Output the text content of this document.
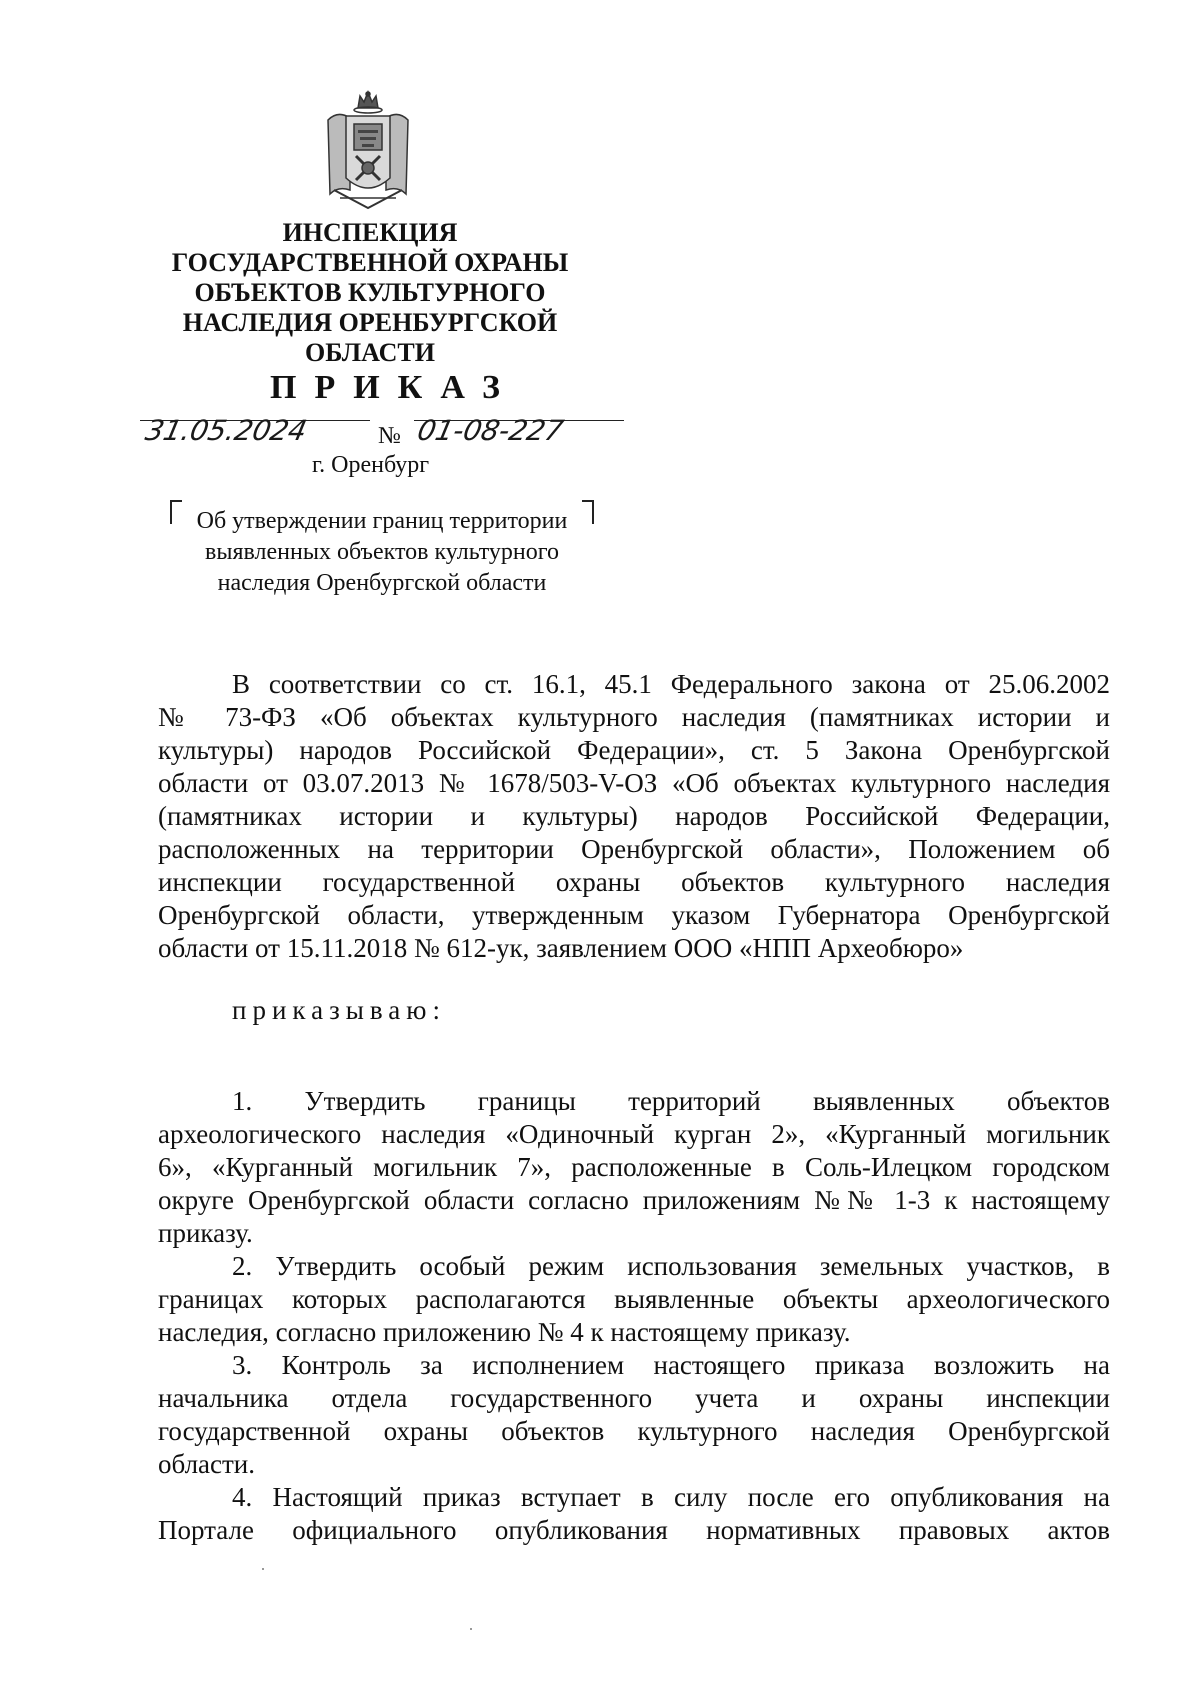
ИНСПЕКЦИЯ
ГОСУДАРСТВЕННОЙ ОХРАНЫ
ОБЪЕКТОВ КУЛЬТУРНОГО
НАСЛЕДИЯ ОРЕНБУРГСКОЙ
ОБЛАСТИ
ПРИКАЗ
31.05.2024	№ 01-08-227
г. Оренбург
Об утверждении границ территории
выявленных объектов культурного
наследия Оренбургской области
В соответствии со ст. 16.1, 45.1 Федерального закона от 25.06.2002
№ 73-ФЗ «Об объектах культурного наследия (памятниках истории и
культуры) народов Российской Федерации», ст. 5 Закона Оренбургской
области от 03.07.2013 № 1678/503-V-ОЗ «Об объектах культурного наследия
(памятниках истории и культуры) народов Российской Федерации,
расположенных на территории Оренбургской области», Положением об
инспекции государственной охраны объектов культурного наследия
Оренбургской области, утвержденным указом Губернатора Оренбургской
области от 15.11.2018 № 612-ук, заявлением ООО «НПП Археобюро»
приказываю:
1. Утвердить границы территорий выявленных объектов
археологического наследия «Одиночный курган 2», «Курганный могильник
6», «Курганный могильник 7», расположенные в Соль-Илецком городском
округе Оренбургской области согласно приложениям №№ 1-3 к настоящему
приказу.
2. Утвердить особый режим использования земельных участков, в
границах которых располагаются выявленные объекты археологического
наследия, согласно приложению № 4 к настоящему приказу.
3. Контроль за исполнением настоящего приказа возложить на
начальника отдела государственного учета и охраны инспекции
государственной охраны объектов культурного наследия Оренбургской
области.
4. Настоящий приказ вступает в силу после его опубликования на
Портале официального опубликования нормативных правовых актов
